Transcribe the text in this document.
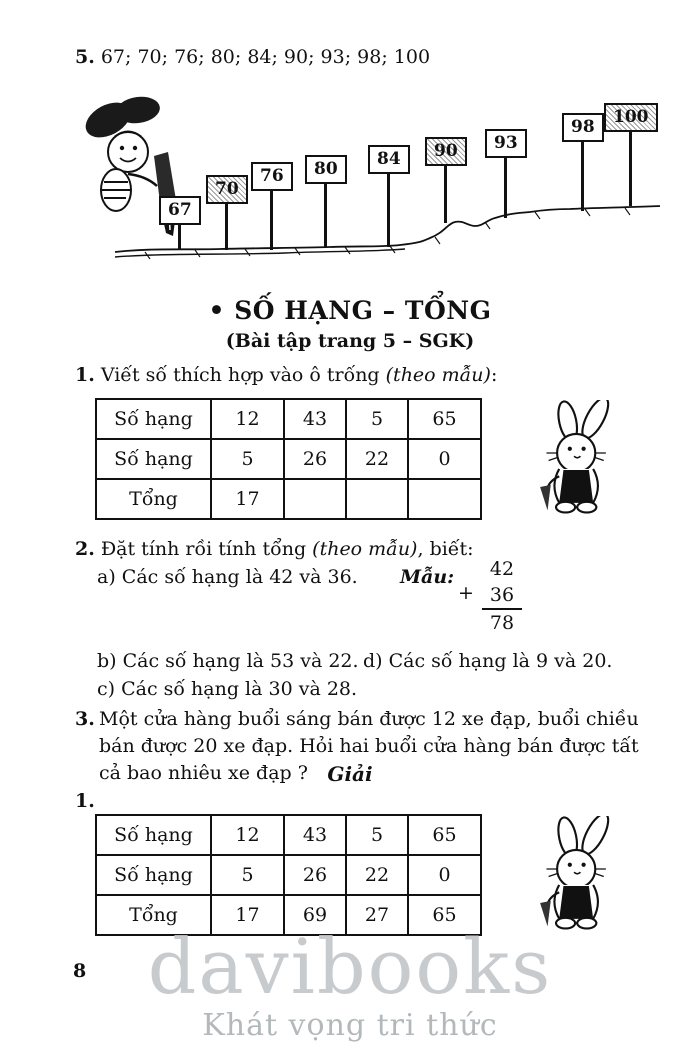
5. 67; 70; 76; 80; 84; 90; 93; 98; 100
67
70
76	80	84	90	93
98	100
• SỐ HẠNG – TỔNG
(Bài tập trang 5 – SGK)
1. Viết số thích hợp vào ô trống (theo mẫu):
Số hạng	12	43	5	65
Số hạng	5	26	22	0
Tổng	17			
2. Đặt tính rồi tính tổng (theo mẫu), biết:
a) Các số hạng là 42 và 36. Mẫu:
+
42
36
78
b) Các số hạng là 53 và 22. d) Các số hạng là 9 và 20.
c) Các số hạng là 30 và 28.
3. Một cửa hàng buổi sáng bán được 12 xe đạp, buổi chiều bán được 20 xe đạp. Hỏi hai buổi cửa hàng bán được tất cả bao nhiêu xe đạp ? Giải
1.
Số hạng	12	43	5	65
Số hạng	5	26	22	0
Tổng	17	69	27	65
davibooks
Khát vọng tri thức
8
